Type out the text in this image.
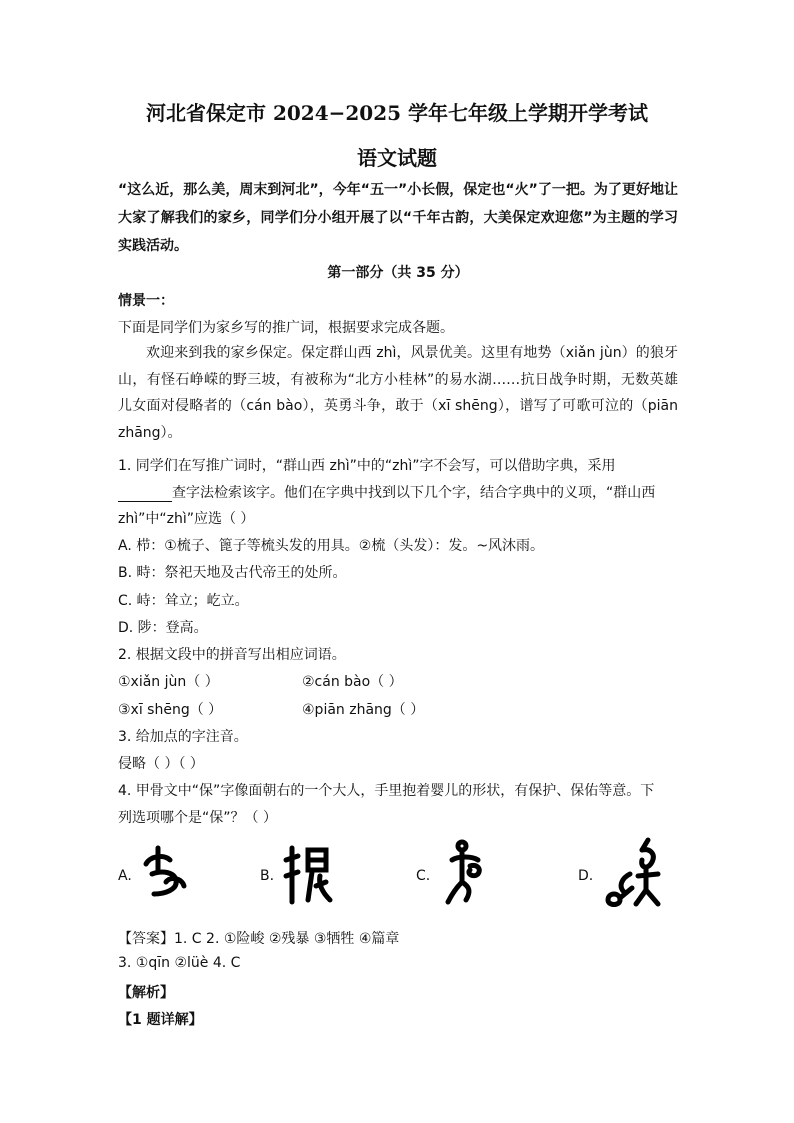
河北省保定市 2024−2025 学年七年级上学期开学考试
语文试题
“这么近，那么美，周末到河北”，今年“五一”小长假，保定也“火”了一把。为了更好地让大家了解我们的家乡，同学们分小组开展了以“千年古韵，大美保定欢迎您”为主题的学习实践活动。
第一部分（共 35 分）
情景一：
下面是同学们为家乡写的推广词，根据要求完成各题。
欢迎来到我的家乡保定。保定群山西 zhì，风景优美。这里有地势（xiǎn jùn）的狼牙山，有怪石峥嵘的野三坡，有被称为“北方小桂林”的易水湖……抗日战争时期，无数英雄儿女面对侵略者的（cán bào），英勇斗争，敢于（xī shēng），谱写了可歌可泣的（piān zhāng）。
1. 同学们在写推广词时，“群山西 zhì”中的“zhì”字不会写，可以借助字典，采用
查字法检索该字。他们在字典中找到以下几个字，结合字典中的义项，“群山西
zhì”中“zhì”应选（ ）
A. 栉：①梳子、篦子等梳头发的用具。②梳（头发）：发。~风沐雨。
B. 畤：祭祀天地及古代帝王的处所。
C. 峙：耸立；屹立。
D. 陟：登高。
2. 根据文段中的拼音写出相应词语。
①xiǎn jùn（ ）	②cán bào（ ）
③xī shēng（ ）	④piān zhāng（ ）
3. 给加点的字注音。
侵略（ ）（ ）
4. 甲骨文中“保”字像面朝右的一个大人，手里抱着婴儿的形状，有保护、保佑等意。下
列选项哪个是“保”？（ ）
A.	B.	C.	D.
【答案】1. C 2. ①险峻 ②残暴 ③牺牲 ④篇章
3. ①qīn ②lüè 4. C
【解析】
【1 题详解】
